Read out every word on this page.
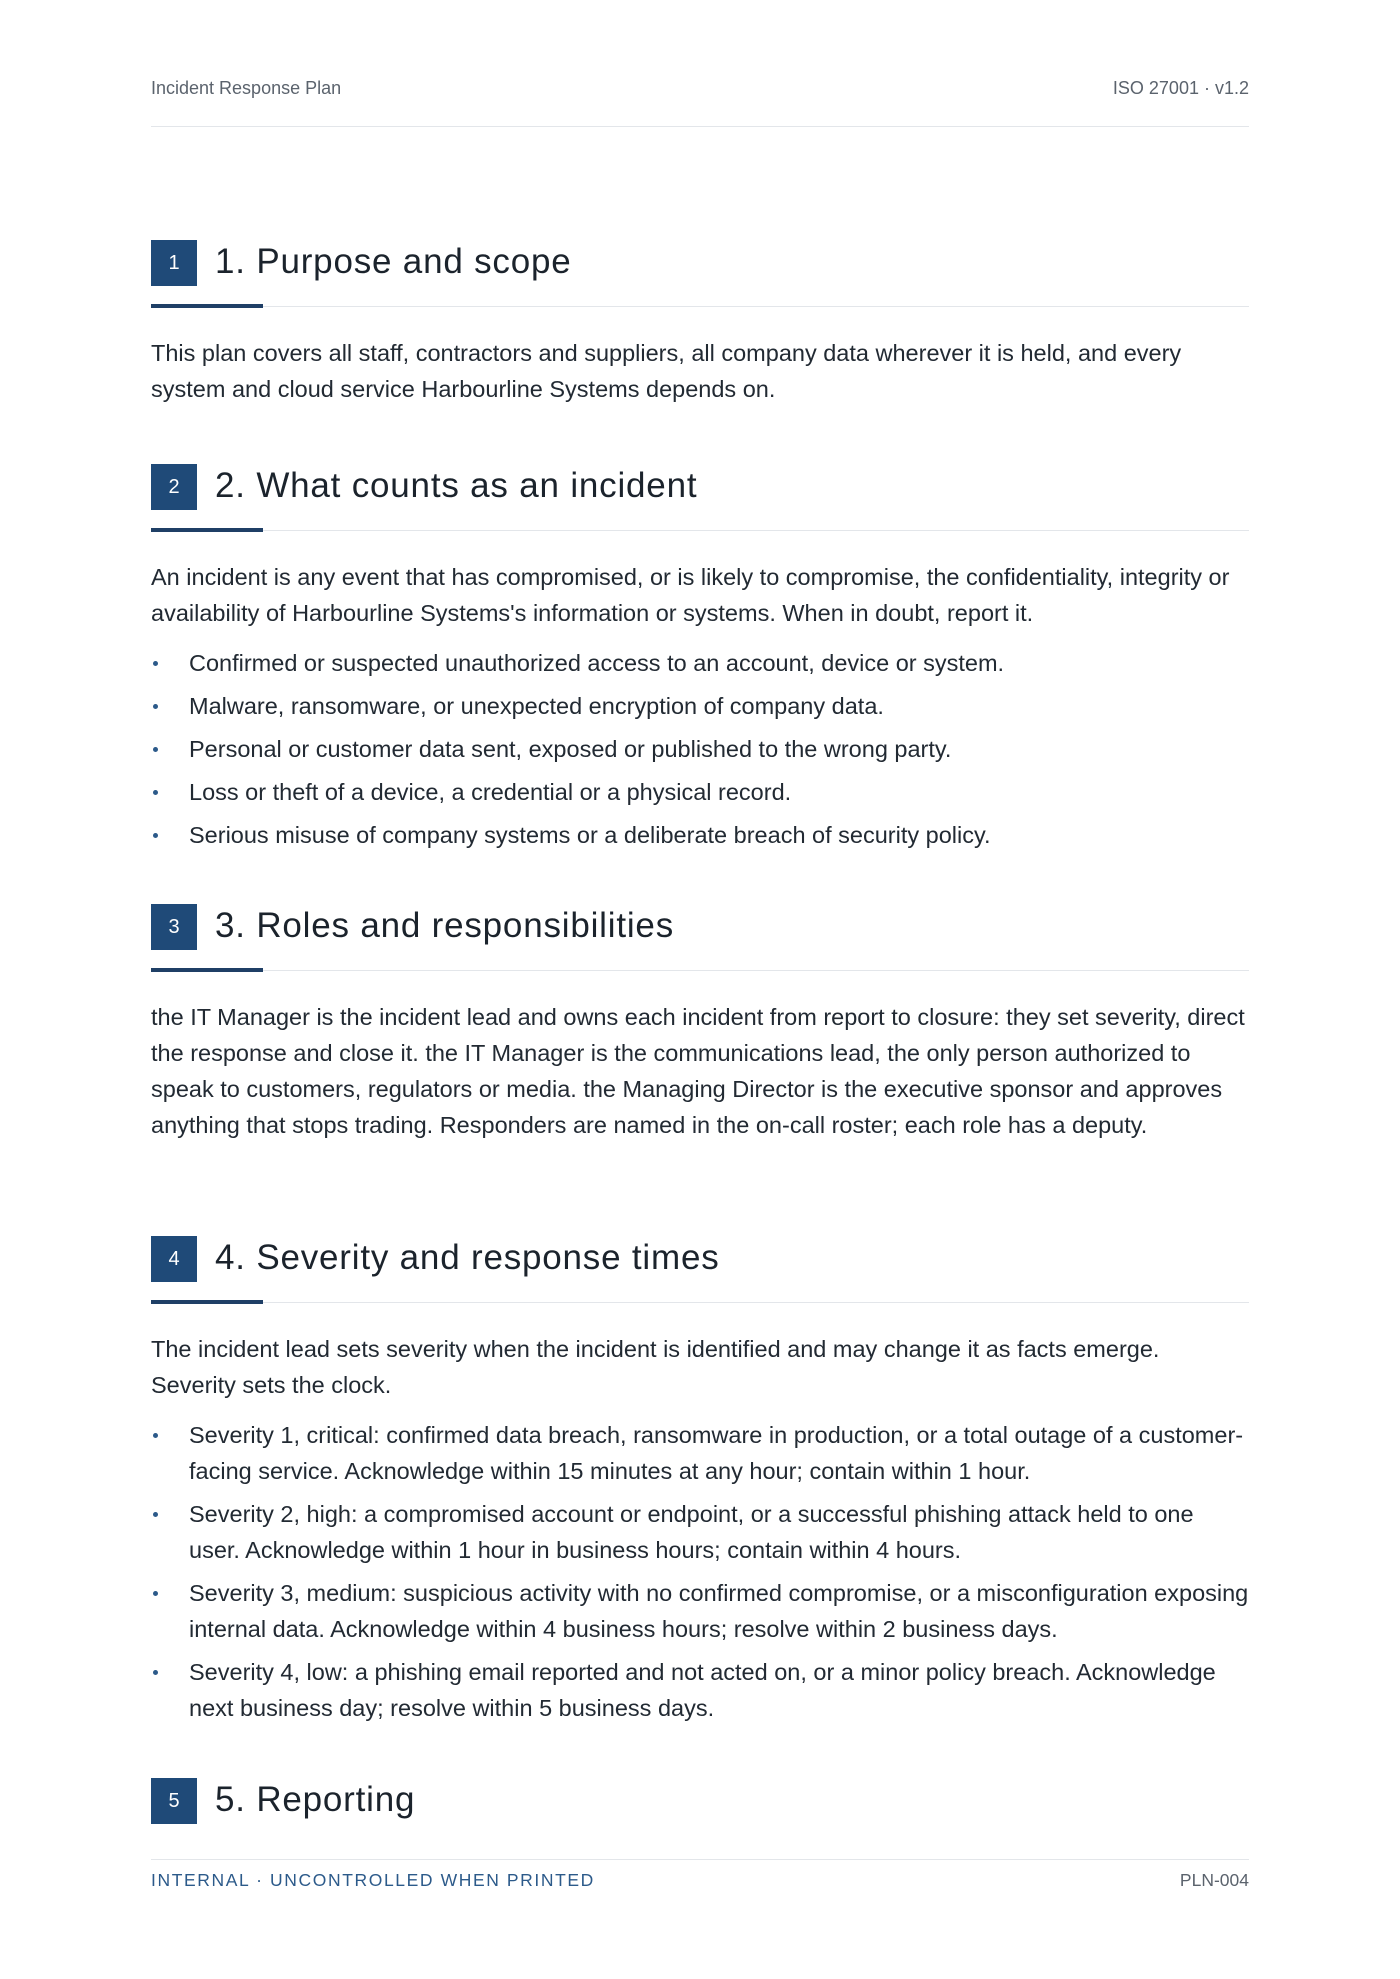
Incident Response Plan	ISO 27001 · v1.2
1	1. Purpose and scope

This plan covers all staff, contractors and suppliers, all company data wherever it is held, and every system and cloud service Harbourline Systems depends on.

2	2. What counts as an incident

An incident is any event that has compromised, or is likely to compromise, the confidentiality, integrity or availability of Harbourline Systems's information or systems. When in doubt, report it.

Confirmed or suspected unauthorized access to an account, device or system.
Malware, ransomware, or unexpected encryption of company data.
Personal or customer data sent, exposed or published to the wrong party.
Loss or theft of a device, a credential or a physical record.
Serious misuse of company systems or a deliberate breach of security policy.
3	3. Roles and responsibilities

the IT Manager is the incident lead and owns each incident from report to closure: they set severity, direct the response and close it. the IT Manager is the communications lead, the only person authorized to speak to customers, regulators or media. the Managing Director is the executive sponsor and approves anything that stops trading. Responders are named in the on-call roster; each role has a deputy.

4	4. Severity and response times

The incident lead sets severity when the incident is identified and may change it as facts emerge. Severity sets the clock.

Severity 1, critical: confirmed data breach, ransomware in production, or a total outage of a customer-facing service. Acknowledge within 15 minutes at any hour; contain within 1 hour.
Severity 2, high: a compromised account or endpoint, or a successful phishing attack held to one user. Acknowledge within 1 hour in business hours; contain within 4 hours.
Severity 3, medium: suspicious activity with no confirmed compromise, or a misconfiguration exposing internal data. Acknowledge within 4 business hours; resolve within 2 business days.
Severity 4, low: a phishing email reported and not acted on, or a minor policy breach. Acknowledge next business day; resolve within 5 business days.
5	5. Reporting
INTERNAL · UNCONTROLLED WHEN PRINTED	PLN-004
